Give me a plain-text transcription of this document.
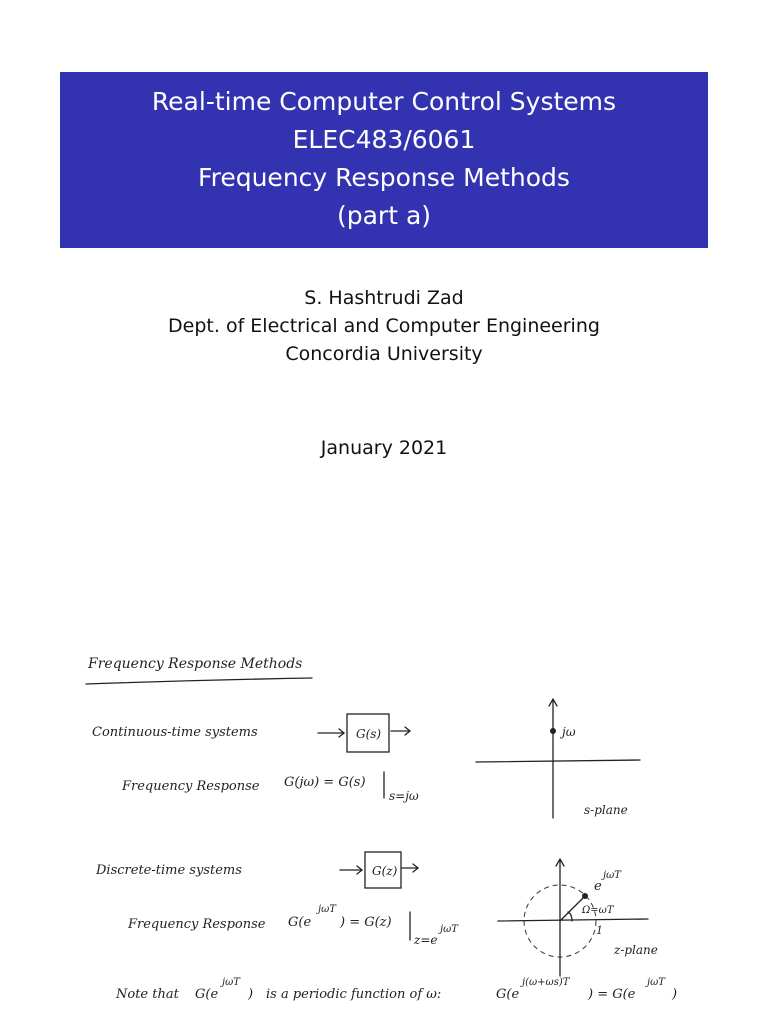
Real-time Computer Control Systems
ELEC483/6061
Frequency Response Methods
(part a)
S. Hashtrudi Zad
Dept. of Electrical and Computer Engineering
Concordia University
January 2021
Frequency Response Methods
Continuous-time systems	G(s)
Frequency Response G(jω) = G(s)
s=jω
jω
s-plane
Discrete-time systems	G(z)
Frequency Response G(e
jωT
) = G(z)
z=e
jωT
e
jωT
Ω=ωT
1
z-plane
Note that G(e
jωT
) is a periodic function of ω:	G(e
j(ω+ωs)T
) = G(e
jωT
)
